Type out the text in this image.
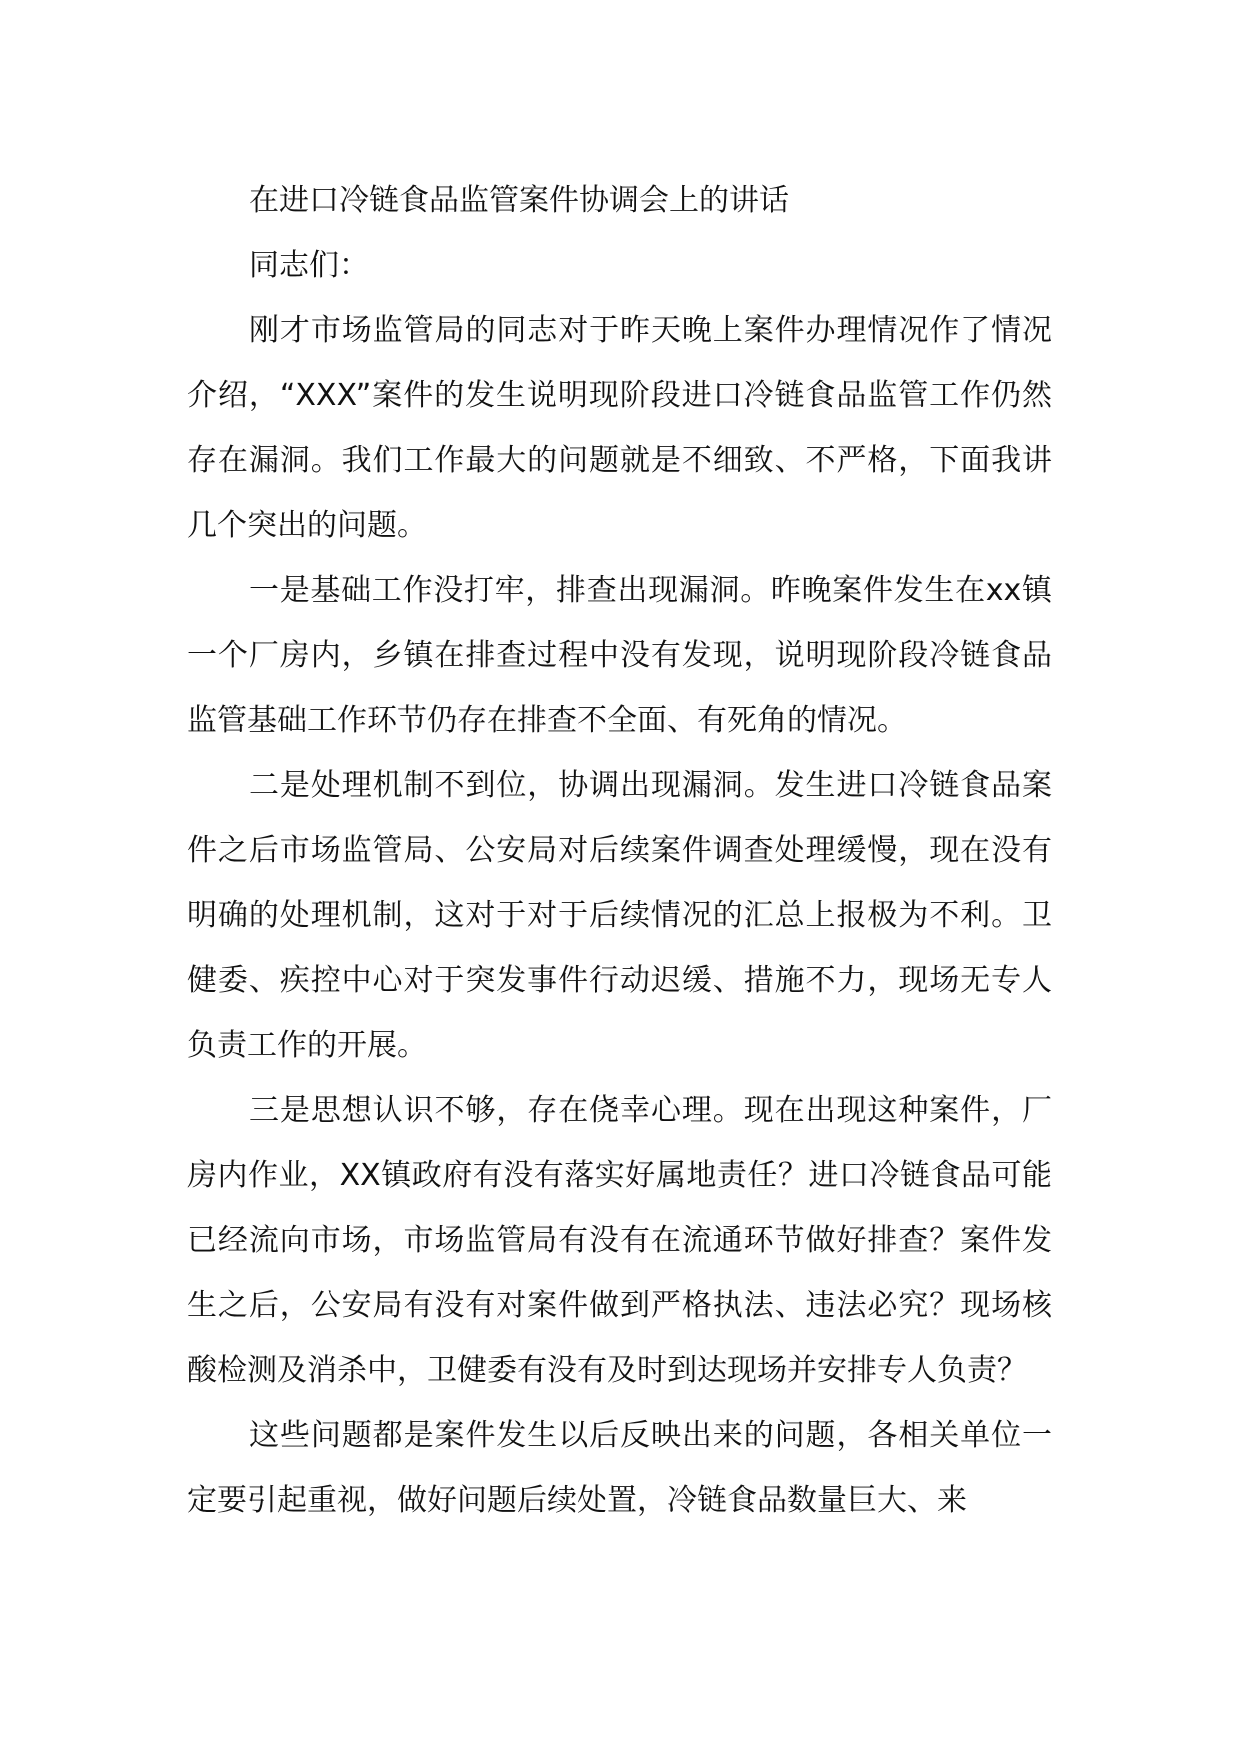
在进口冷链食品监管案件协调会上的讲话

同志们：

刚才市场监管局的同志对于昨天晚上案件办理情况作了情况介绍，“XXX”案件的发生说明现阶段进口冷链食品监管工作仍然存在漏洞。我们工作最大的问题就是不细致、不严格，下面我讲几个突出的问题。

一是基础工作没打牢，排查出现漏洞。昨晚案件发生在xx镇一个厂房内，乡镇在排查过程中没有发现，说明现阶段冷链食品监管基础工作环节仍存在排查不全面、有死角的情况。

二是处理机制不到位，协调出现漏洞。发生进口冷链食品案件之后市场监管局、公安局对后续案件调查处理缓慢，现在没有明确的处理机制，这对于对于后续情况的汇总上报极为不利。卫健委、疾控中心对于突发事件行动迟缓、措施不力，现场无专人负责工作的开展。

三是思想认识不够，存在侥幸心理。现在出现这种案件，厂房内作业，XX镇政府有没有落实好属地责任？进口冷链食品可能已经流向市场，市场监管局有没有在流通环节做好排查？案件发生之后，公安局有没有对案件做到严格执法、违法必究？现场核酸检测及消杀中，卫健委有没有及时到达现场并安排专人负责？

这些问题都是案件发生以后反映出来的问题，各相关单位一定要引起重视，做好问题后续处置，冷链食品数量巨大、来
